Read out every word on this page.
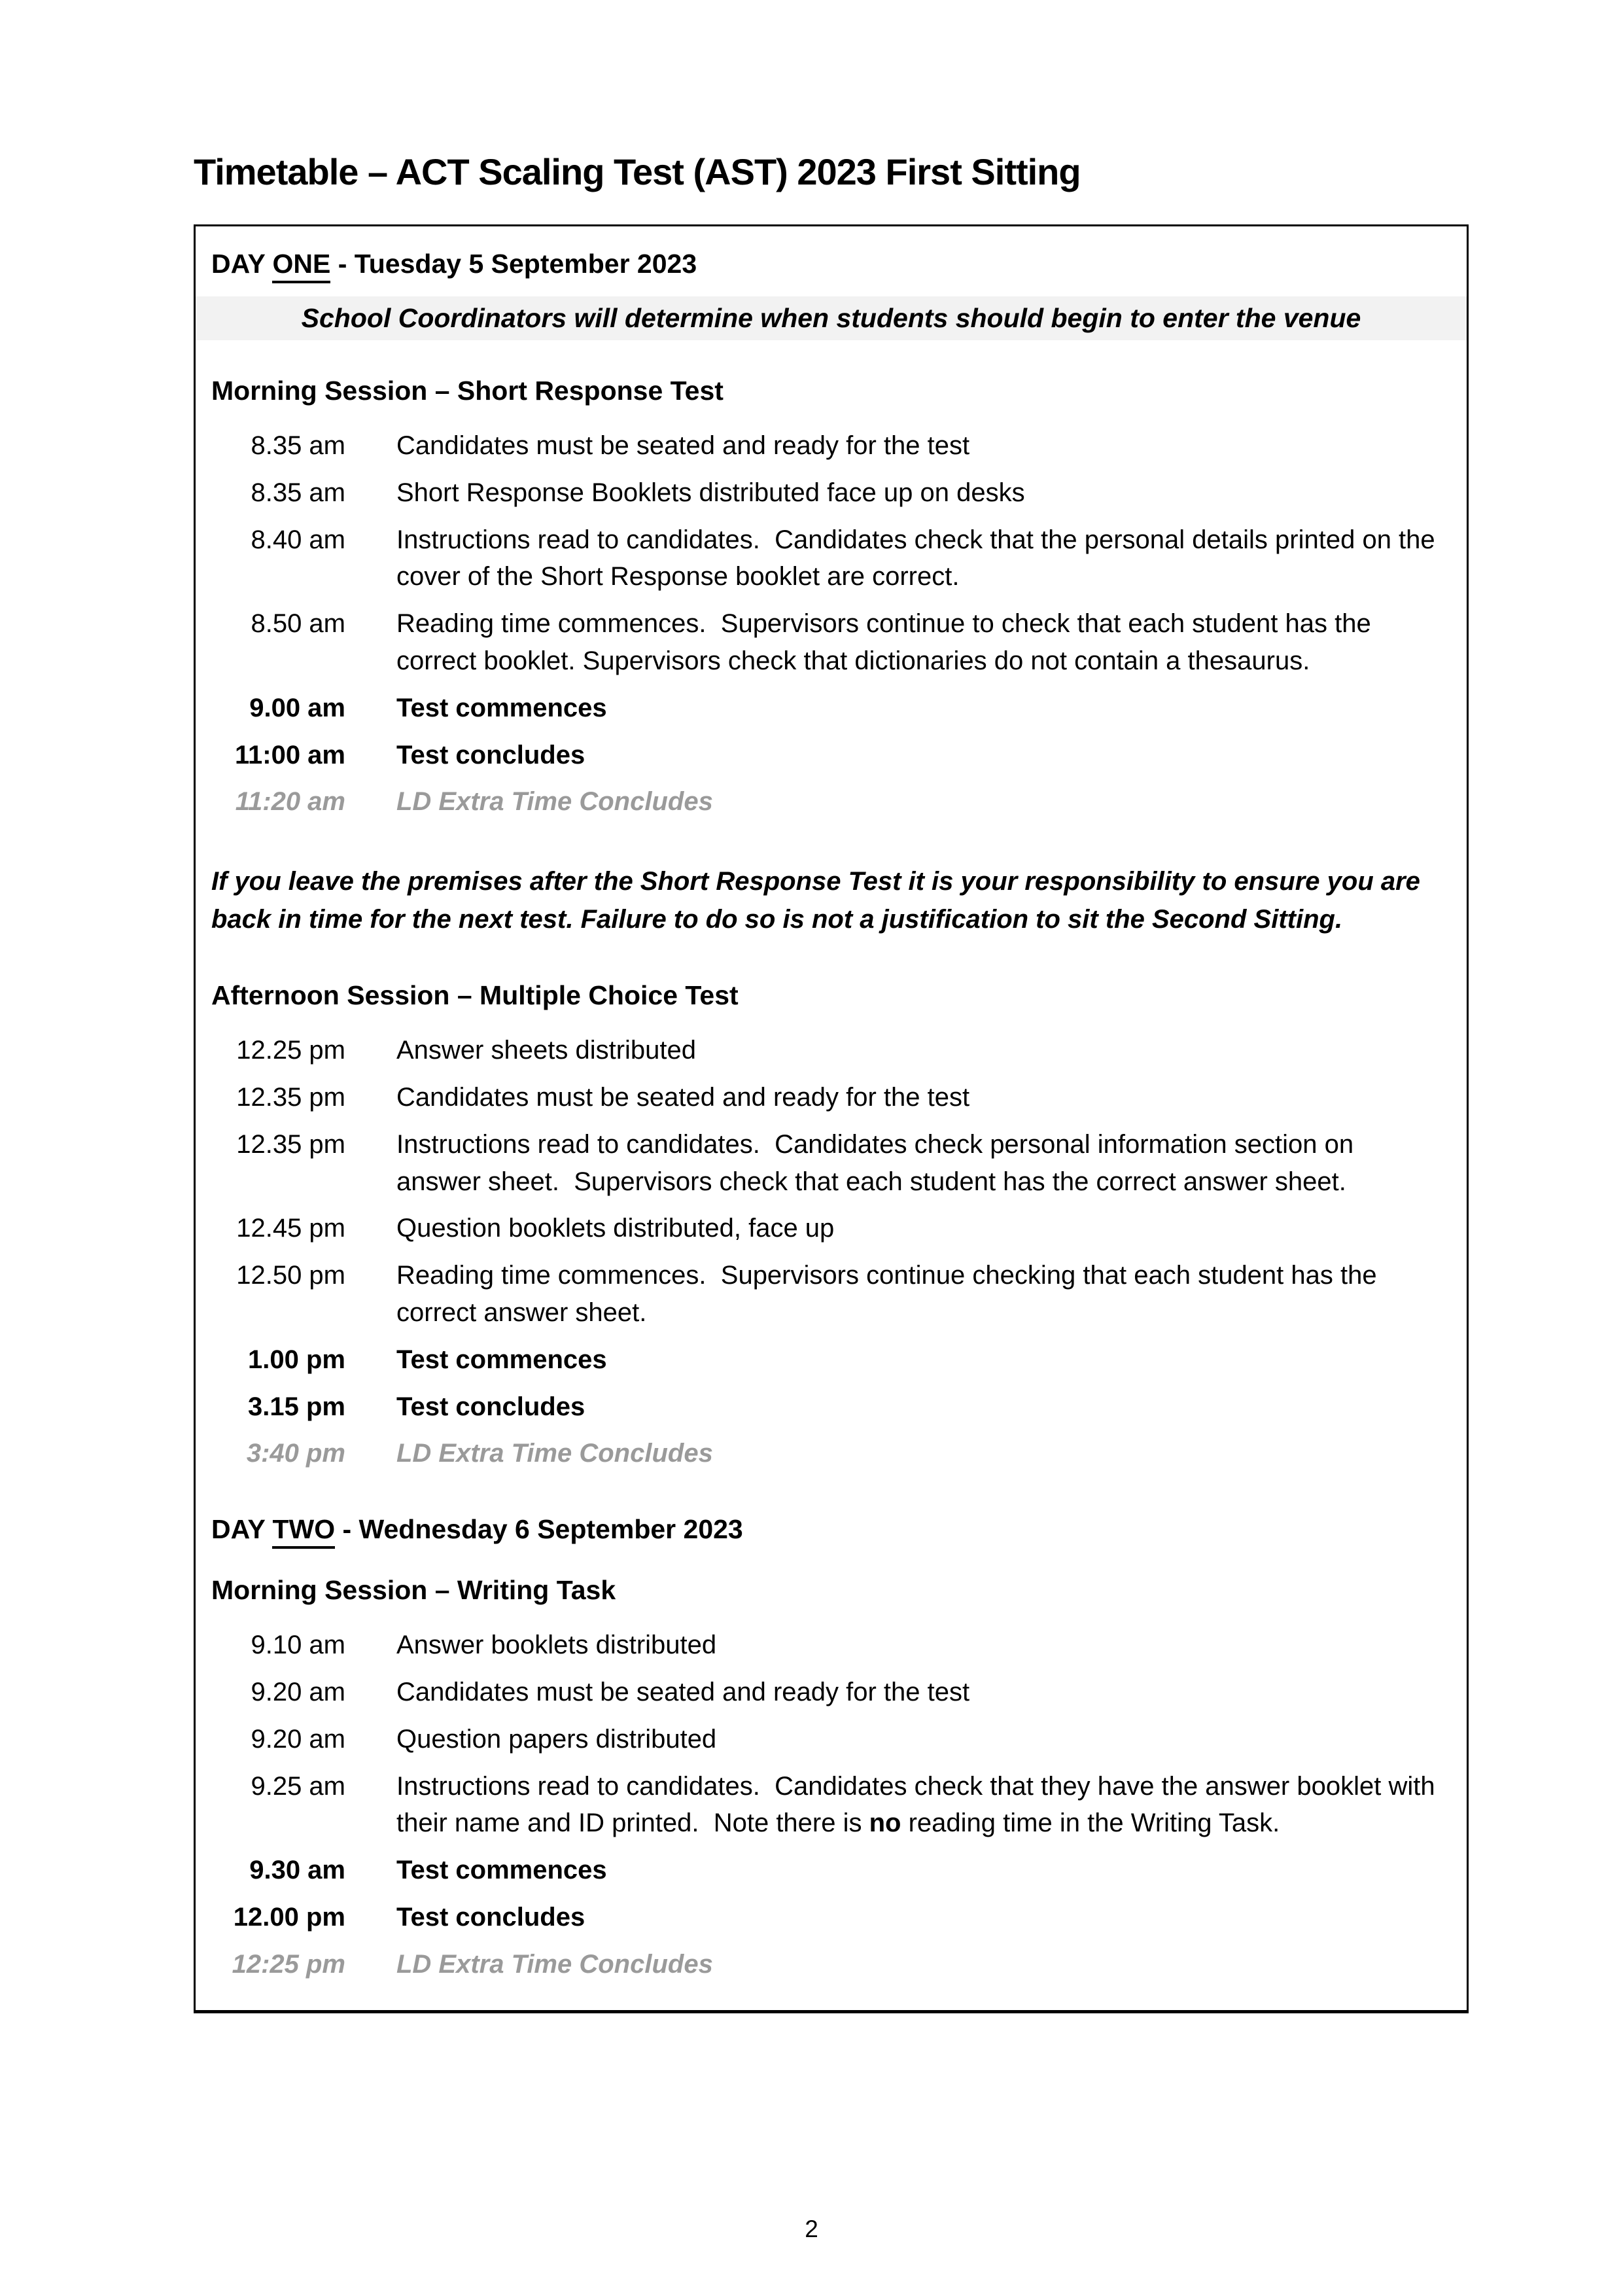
Timetable – ACT Scaling Test (AST) 2023 First Sitting
DAY ONE - Tuesday 5 September 2023
School Coordinators will determine when students should begin to enter the venue
Morning Session – Short Response Test
8.35 am Candidates must be seated and ready for the test
8.35 am Short Response Booklets distributed face up on desks
8.40 am Instructions read to candidates.  Candidates check that the personal details printed on the cover of the Short Response booklet are correct.
8.50 am Reading time commences.  Supervisors continue to check that each student has the correct booklet. Supervisors check that dictionaries do not contain a thesaurus.
9.00 am Test commences
11:00 am Test concludes
11:20 am LD Extra Time Concludes
If you leave the premises after the Short Response Test it is your responsibility to ensure you are back in time for the next test. Failure to do so is not a justification to sit the Second Sitting.
Afternoon Session – Multiple Choice Test
12.25 pm Answer sheets distributed
12.35 pm Candidates must be seated and ready for the test
12.35 pm Instructions read to candidates.  Candidates check personal information section on answer sheet.  Supervisors check that each student has the correct answer sheet.
12.45 pm Question booklets distributed, face up
12.50 pm Reading time commences.  Supervisors continue checking that each student has the correct answer sheet.
1.00 pm Test commences
3.15 pm Test concludes
3:40 pm LD Extra Time Concludes
DAY TWO - Wednesday 6 September 2023
Morning Session – Writing Task
9.10 am Answer booklets distributed
9.20 am Candidates must be seated and ready for the test
9.20 am Question papers distributed
9.25 am Instructions read to candidates.  Candidates check that they have the answer booklet with their name and ID printed.  Note there is no reading time in the Writing Task.
9.30 am Test commences
12.00 pm Test concludes
12:25 pm LD Extra Time Concludes
2
